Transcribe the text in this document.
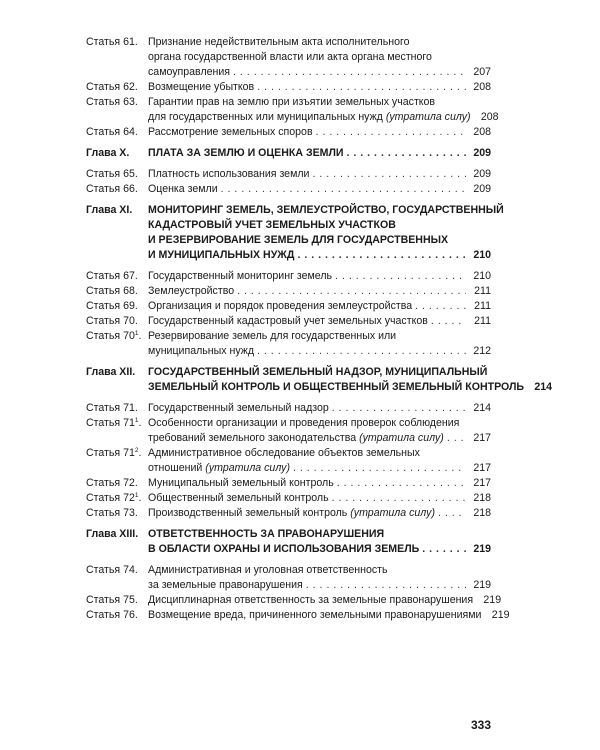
Статья 61. Признание недействительным акта исполнительного
органа государственной власти или акта органа местного
самоуправления . . .	207
Статья 62. Возмещение убытков . . .	208
Статья 63. Гарантии прав на землю при изъятии земельных участков
для государственных или муниципальных нужд
(утратила силу) 208
Статья 64. Рассмотрение земельных споров . . .	208
Глава X.	ПЛАТА ЗА ЗЕМЛЮ И ОЦЕНКА ЗЕМЛИ . . .	209
Статья 65. Платность использования земли . . .	209
Статья 66. Оценка земли . . .	209
Глава XI.	МОНИТОРИНГ ЗЕМЕЛЬ, ЗЕМЛЕУСТРОЙСТВО, ГОСУДАРСТВЕННЫЙ
КАДАСТРОВЫЙ УЧЕТ ЗЕМЕЛЬНЫХ УЧАСТКОВ
И РЕЗЕРВИРОВАНИЕ ЗЕМЕЛЬ ДЛЯ ГОСУДАРСТВЕННЫХ
И МУНИЦИПАЛЬНЫХ НУЖД . . .	210
Статья 67. Государственный мониторинг земель . . .	210
Статья 68. Землеустройство . . .	211
Статья 69. Организация и порядок проведения землеустройства . . .	211
Статья 70. Государственный кадастровый учет земельных участков . . .	211
Статья $70^1$. Резервирование земель для государственных или
муниципальных нужд . . .	212
Глава XII.	ГОСУДАРСТВЕННЫЙ ЗЕМЕЛЬНЫЙ НАДЗОР, МУНИЦИПАЛЬНЫЙ
ЗЕМЕЛЬНЫЙ КОНТРОЛЬ И ОБЩЕСТВЕННЫЙ ЗЕМЕЛЬНЫЙ КОНТРОЛЬ 214
Статья 71. Государственный земельный надзор . . .	214
Статья $71^1$. Особенности организации и проведения проверок соблюдения
требований земельного законодательства
(утратила силу) . . .	217
Статья $71^2$. Административное обследование объектов земельных
отношений
(утратила силу) . . .	217
Статья 72. Муниципальный земельный контроль . . .	217
Статья $72^1$. Общественный земельный контроль . . .	218
Статья 73. Производственный земельный контроль
(утратила силу) . . .	218
Глава XIII. ОТВЕТСТВЕННОСТЬ ЗА ПРАВОНАРУШЕНИЯ
В ОБЛАСТИ ОХРАНЫ И ИСПОЛЬЗОВАНИЯ ЗЕМЕЛЬ . . .	219
Статья 74. Административная и уголовная ответственность
за земельные правонарушения . . .	219
Статья 75. Дисциплинарная ответственность за земельные правонарушения 219
Статья 76. Возмещение вреда, причиненного земельными правонарушениями 219
333
